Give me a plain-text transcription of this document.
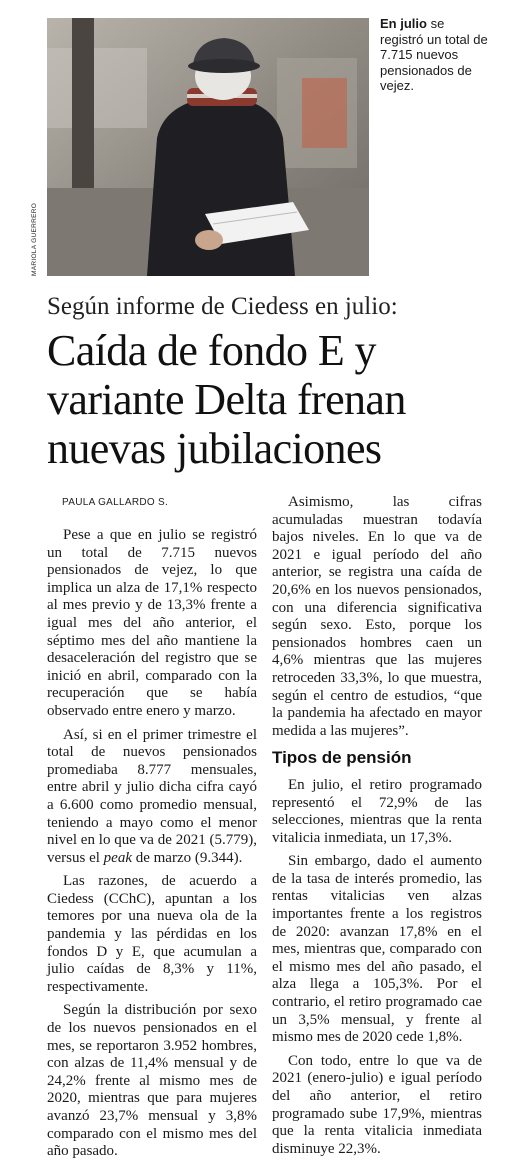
MARIOLA GUERRERO
En julio se registró un total de 7.715 nuevos pensionados de vejez.
Según informe de Ciedess en julio:
Caída de fondo E y
variante Delta frenan
nuevas jubilaciones
PAULA GALLARDO S.

Pese a que en julio se registró un total de 7.715 nuevos pensionados de vejez, lo que implica un alza de 17,1% respecto al mes previo y de 13,3% frente a igual mes del año anterior, el séptimo mes del año mantiene la desaceleración del registro que se inició en abril, comparado con la recuperación que se había observado entre enero y marzo.

Así, si en el primer trimestre el total de nuevos pensionados promediaba 8.777 mensuales, entre abril y julio dicha cifra cayó a 6.600 como promedio mensual, teniendo a mayo como el menor nivel en lo que va de 2021 (5.779), versus el peak de marzo (9.344).

Las razones, de acuerdo a Ciedess (CChC), apuntan a los temores por una nueva ola de la pandemia y las pérdidas en los fondos D y E, que acumulan a julio caídas de 8,3% y 11%, respectivamente.

Según la distribución por sexo de los nuevos pensionados en el mes, se reportaron 3.952 hombres, con alzas de 11,4% mensual y de 24,2% frente al mismo mes de 2020, mientras que para mujeres avanzó 23,7% mensual y 3,8% comparado con el mismo mes del año pasado.

Asimismo, las cifras acumuladas muestran todavía bajos niveles. En lo que va de 2021 e igual período del año anterior, se registra una caída de 20,6% en los nuevos pensionados, con una diferencia significativa según sexo. Esto, porque los pensionados hombres caen un 4,6% mientras que las mujeres retroceden 33,3%, lo que muestra, según el centro de estudios, “que la pandemia ha afectado en mayor medida a las mujeres”.

Tipos de pensión

En julio, el retiro programado representó el 72,9% de las selecciones, mientras que la renta vitalicia inmediata, un 17,3%.

Sin embargo, dado el aumento de la tasa de interés promedio, las rentas vitalicias ven alzas importantes frente a los registros de 2020: avanzan 17,8% en el mes, mientras que, comparado con el mismo mes del año pasado, el alza llega a 105,3%. Por el contrario, el retiro programado cae un 3,5% mensual, y frente al mismo mes de 2020 cede 1,8%.

Con todo, entre lo que va de 2021 (enero-julio) e igual período del año anterior, el retiro programado sube 17,9%, mientras que la renta vitalicia inmediata disminuye 22,3%.
